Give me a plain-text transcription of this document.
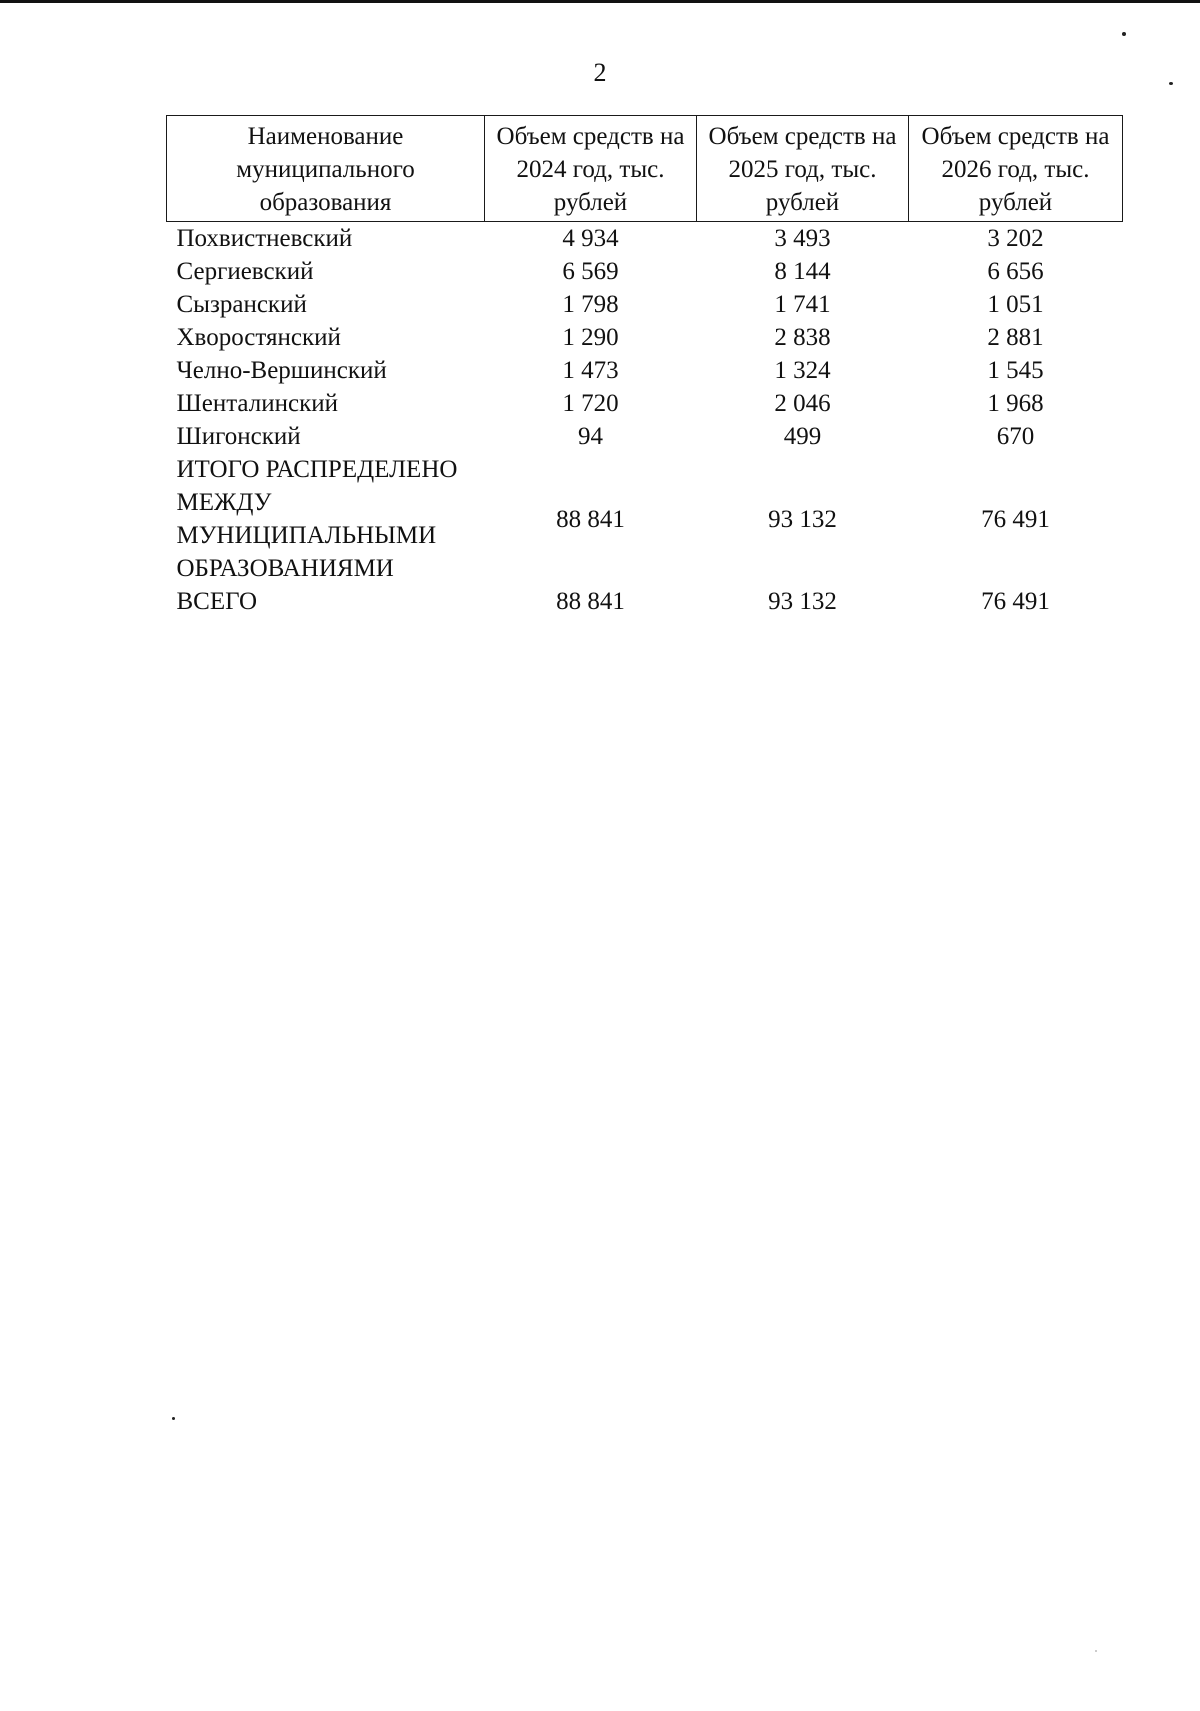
2
Наименование муниципального образования	Объем средств на 2024 год, тыс. рублей	Объем средств на 2025 год, тыс. рублей	Объем средств на 2026 год, тыс. рублей
Похвистневский	4 934	3 493	3 202
Сергиевский	6 569	8 144	6 656
Сызранский	1 798	1 741	1 051
Хворостянский	1 290	2 838	2 881
Челно-Вершинский	1 473	1 324	1 545
Шенталинский	1 720	2 046	1 968
Шигонский	94	499	670
ИТОГО РАСПРЕДЕЛЕНО МЕЖДУ МУНИЦИПАЛЬНЫМИ ОБРАЗОВАНИЯМИ	88 841	93 132	76 491
ВСЕГО	88 841	93 132	76 491
